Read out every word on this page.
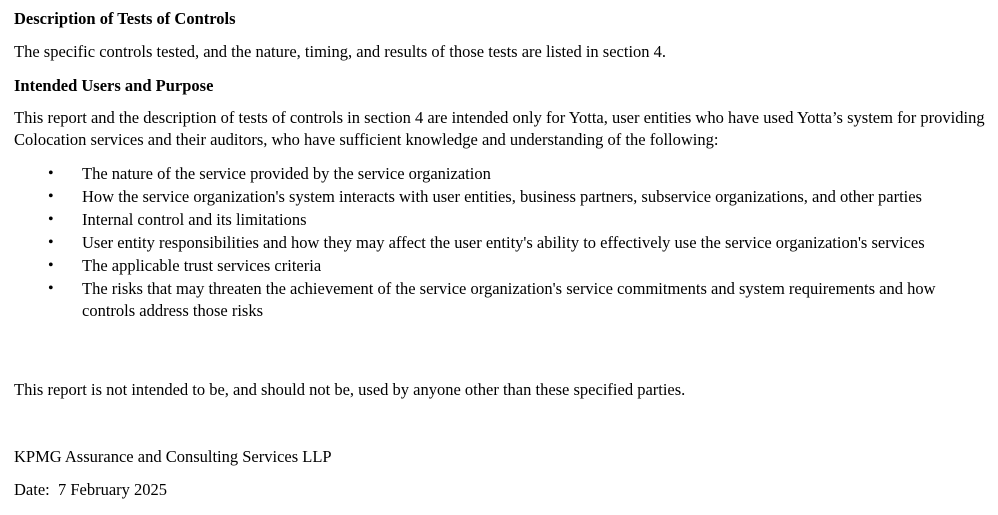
Description of Tests of Controls

The specific controls tested, and the nature, timing, and results of those tests are listed in section 4.

Intended Users and Purpose

This report and the description of tests of controls in section 4 are intended only for Yotta, user entities who have used Yotta’s system for providing Colocation services and their auditors, who have sufficient knowledge and understanding of the following:

• The nature of the service provided by the service organization
• How the service organization's system interacts with user entities, business partners, subservice organizations, and other parties
• Internal control and its limitations
• User entity responsibilities and how they may affect the user entity's ability to effectively use the service organization's services
• The applicable trust services criteria
• The risks that may threaten the achievement of the service organization's service commitments and system requirements and how controls address those risks

This report is not intended to be, and should not be, used by anyone other than these specified parties.

KPMG Assurance and Consulting Services LLP

Date: 7 February 2025
